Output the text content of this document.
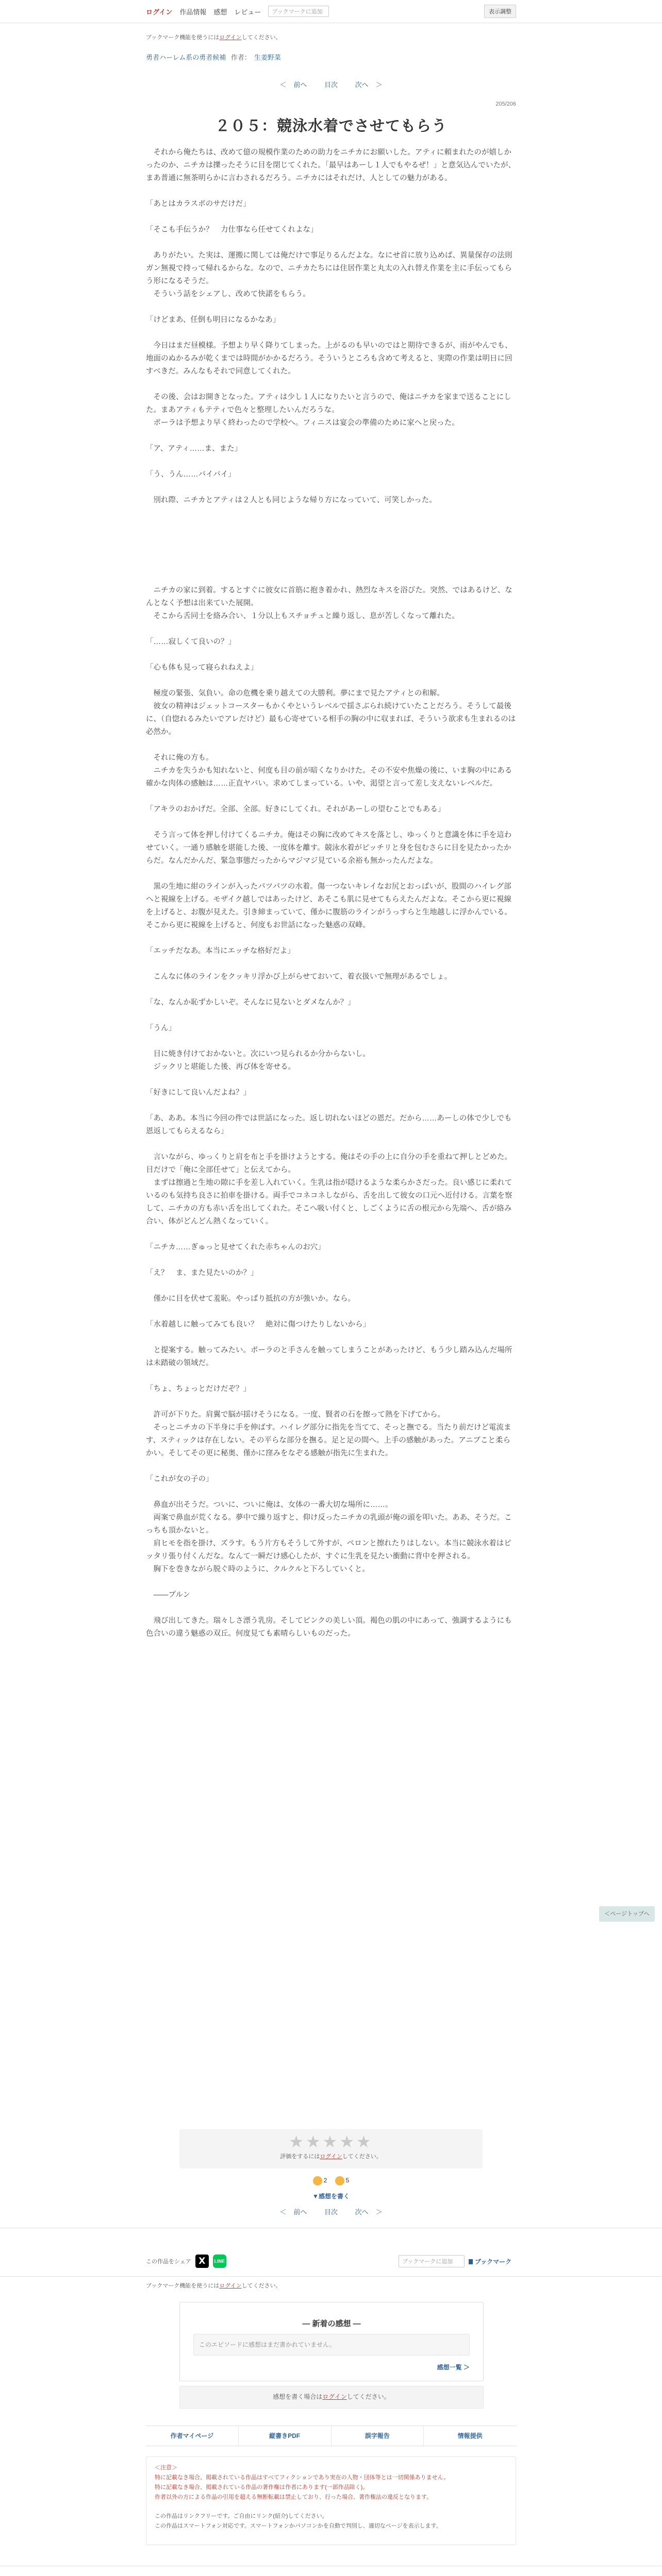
ログイン 作品情報 感想 レビュー	ブックマークに追加	表示調整
ブックマーク機能を使うにはログインしてください。
勇者ハーレム系の勇者候補 作者： 生姜野菜
＜ 前へ	目次	次へ ＞
205/206
２０５：競泳水着でさせてもらう

　それから俺たちは、改めて億の規模作業のための助力をニチカにお願いした。アティに頼まれたのが嬉しかったのか、ニチカは擽ったそうに目を閉じてくれた。「最早はあーし１人でもやるぜ！」と意気込んでいたが、まあ普通に無茶明らかに言わされるだろう。ニチカにはそれだけ、人としての魅力がある。

「あとはカラスボのサだけだ」

「そこも手伝うか？　力仕事なら任せてくれよな」

　ありがたい。た実は、運搬に関しては俺だけで事足りるんだよな。なにせ首に放り込めば、異量保存の法則ガン無視で持って帰れるからな。なので、ニチカたちには住居作業と丸太の入れ替え作業を主に手伝ってもらう形になるそうだ。

　そういう話をシェアし、改めて快諾をもらう。

「けどまあ、任倒も明日になるかなあ」

　今日はまだ昼模様。予想より早く降りてしまった。上がるのも早いのではと期待できるが、雨がやんでも、地面のぬかるみが乾くまでは時間がかかるだろう。そういうところも含めて考えると、実際の作業は明日に回すべきだ。みんなもそれで同意してくれた。

　その後、会はお開きとなった。アティは少し１人になりたいと言うので、俺はニチカを家まで送ることにした。まあアティもテティで色々と整理したいんだろうな。

　ポーラは予想より早く終わったので学校へ。フィニスは宴会の準備のために家へと戻った。

「ア、アティ……ま、また」

「う、うん……バイバイ」

　別れ際、ニチカとアティは２人とも同じような帰り方になっていて、可笑しかった。

　ニチカの家に到着。するとすぐに彼女に首筋に抱き着かれ、熱烈なキスを浴びた。突然、ではあるけど、なんとなく予想は出来ていた展開。

　そこから舌同士を絡み合い、１分以上もスチョチュと繰り返し、息が苦しくなって離れた。

「……寂しくて良いの？」

「心も体も見って寝られねえよ」

　極度の緊張、気負い。命の危機を乗り越えての大勝利。夢にまで見たアティとの和解。

　彼女の精神はジェットコースターもかくやというレベルで揺さぶられ続けていたことだろう。そうして最後に、（自惚れるみたいでアレだけど）最も心寄せている相手の胸の中に収まれば、そういう欲求も生まれるのは必然か。

　それに俺の方も。

　ニチカを失うかも知れないと、何度も目の前が暗くなりかけた。その不安や焦燥の後に、いま胸の中にある確かな肉体の感触は……正直ヤバい。求めてしまっている。いや、渇望と言って差し支えないレベルだ。

「アキラのおかげだ。全部、全部。好きにしてくれ。それがあーしの望むことでもある」

　そう言って体を押し付けてくるニチカ。俺はその胸に改めてキスを落とし、ゆっくりと意識を体に手を這わせていく。一通り感触を堪能した後、一度体を離す。競泳水着がピッチリと身を包むさらに目を見たかったからだ。なんだかんだ、緊急事態だったからマジマジ見ている余裕も無かったんだよな。

　黒の生地に紺のラインが入ったパツパツの水着。傷一つないキレイなお尻とおっぱいが、股間のハイレグ部へと視線を上げる。モザイク越しではあったけど、あそこも肌に見せてもらえたんだよな。そこから更に視線を上げると、お腹が見えた。引き締まっていて、僅かに腹筋のラインがうっすらと生地越しに浮かんでいる。そこから更に視線を上げると、何度もお世話になった魅惑の双峰。

「エッチだなあ。本当にエッチな格好だよ」

　こんなに体のラインをクッキリ浮かび上がらせておいて、着衣扱いで無理があるでしょ。

「な、なんか恥ずかしいぞ。そんなに見ないとダメなんか？」

「うん」

　目に焼き付けておかないと。次にいつ見られるか分からないし。

　ジックリと堪能した後、再び体を寄せる。

「好きにして良いんだよね？」

「あ、ああ。本当に今回の件では世話になった。返し切れないほどの恩だ。だから……あーしの体で少しでも恩返してもらえるなら」

　言いながら、ゆっくりと肩を布と手を掛けようとする。俺はその手の上に自分の手を重ねて押しとどめた。目だけで「俺に全部任せて」と伝えてから。

　まずは擦過と生地の隙に手を差し入れていく。生乳は指が隠けるような柔らかさだった。良い感じに柔れているのも気持ち良さに拍車を掛ける。両手でコネコネしながら、舌を出して彼女の口元へ近付ける。言葉を察して、ニチカの方も赤い舌を出してくれた。そこへ吸い付くと、しごくように舌の根元から先端へ、舌が絡み合い、体がどんどん熱くなっていく。

「ニチカ……ぎゅっと見せてくれた赤ちゃんのお穴」

「え？　ま、また見たいのか？」

　僅かに目を伏せて羞恥。やっぱり抵抗の方が強いか。なら。

「水着越しに触ってみても良い？　絶対に傷つけたりしないから」

　と提案する。触ってみたい。ポーラのと手さんを触ってしまうことがあったけど、もう少し踏み込んだ場所は未踏破の領域だ。

「ちょ、ちょっとだけだぞ？」

　許可が下りた。肩翼で脳が揺けそうになる。一度、賢者の石を擦って熱を下げてから。

　そっとニチカの下半身に手を伸ばす。ハイレグ部分に指先を当てて、そっと撫でる。当たり前だけど電流ます、スティックは存在しない。その平らな部分を撫る。足と足の間へ。上手の感触があった。アニブこと柔らかい。そしてその更に秘奥、僅かに窪みをなぞる感触が指先に生まれた。

「これが女の子の」

　鼻血が出そうだ。ついに、ついに俺は、女体の一番大切な場所に……。

　両案で鼻血が荒くなる。夢中で繰り返すと、仰け反ったニチカの乳頭が俺の頭を叩いた。ああ、そうだ。こっちも頂かないと。

　肩ヒモを指を掛け、ズラす。もう片方もそうして外すが、ペロンと擦れたりはしない。本当に競泳水着はピッタリ張り付くんだな。なんて一瞬だけ感心したが、すぐに生乳を見たい衝動に背中を押される。

　胸下を巻きながら脱ぐ時のように、クルクルと下ろしていくと。

　――プルン

　飛び出してきた。瑞々しさ漂う乳房。そしてピンクの美しい頂。褐色の肌の中にあって、強調するようにも色合いの違う魅惑の双丘。何度見ても素晴らしいものだった。

★★★★★
評価をするにはログインしてください。
2	5
▼感想を書く
＜ 前へ	目次	次へ ＞
この作品をシェア X	LINE	ブックマークに追加	ブックマーク
ブックマーク機能を使うにはログインしてください。
― 新着の感想 ―
このエピソードに感想はまだ書かれていません。
感想一覧 ＞
感想を書く場合はログインしてください。
作者マイページ	縦書きPDF	誤字報告	情報提供
＜注意＞
特に記載なき場合、掲載されている作品はすべてフィクションであり実在の人物・団体等とは一切関係ありません。
特に記載なき場合、掲載されている作品の著作権は作者にあります(一部作品除く)。
作者以外の方による作品の引用を超える無断転載は禁止しており、行った場合、著作権法の違反となります。
この作品はリンクフリーです。ご自由にリンク(紹介)してください。
この作品はスマートフォン対応です。スマートフォンかパソコンかを自動で判別し、適切なページを表示します。
＜ページトップへ
